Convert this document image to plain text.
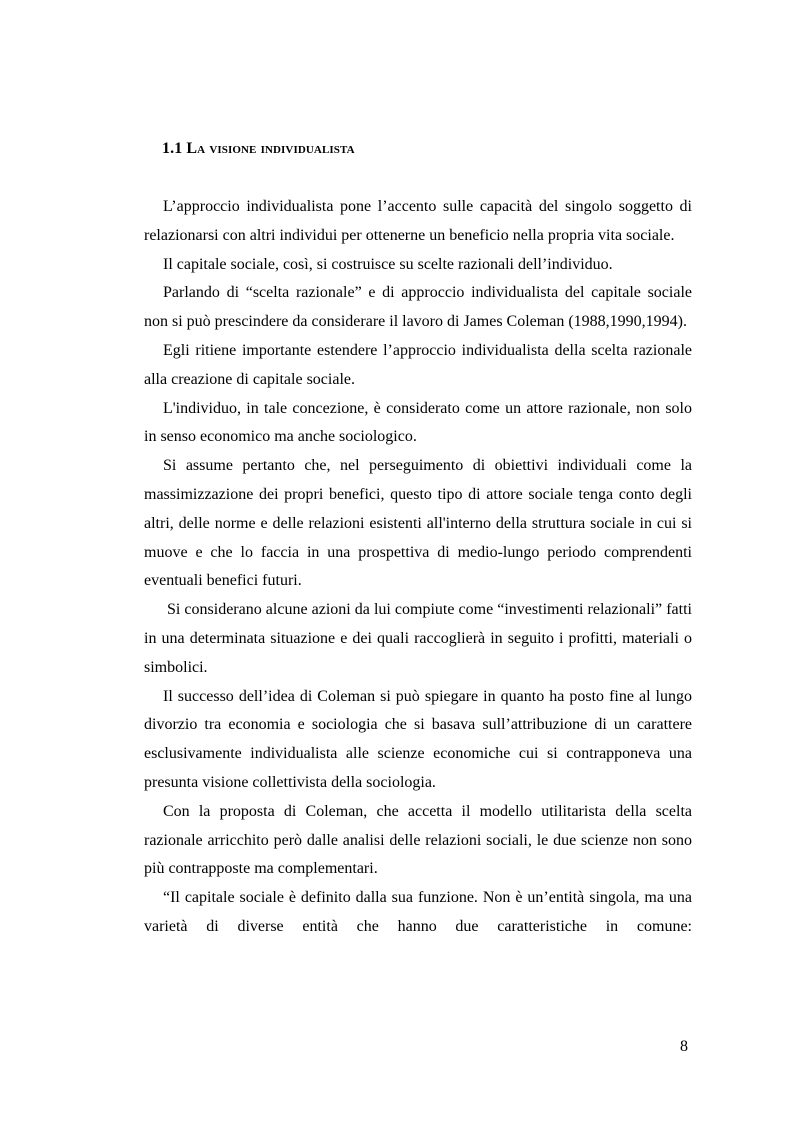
1.1 La visione individualista

L’approccio individualista pone l’accento sulle capacità del singolo soggetto di relazionarsi con altri individui per ottenerne un beneficio nella propria vita sociale.

Il capitale sociale, così, si costruisce su scelte razionali dell’individuo.

Parlando di “scelta razionale” e di approccio individualista del capitale sociale non si può prescindere da considerare il lavoro di James Coleman (1988,1990,1994).

Egli ritiene importante estendere l’approccio individualista della scelta razionale alla creazione di capitale sociale.

L'individuo, in tale concezione, è considerato come un attore razionale, non solo in senso economico ma anche sociologico.

Si assume pertanto che, nel perseguimento di obiettivi individuali come la massimizzazione dei propri benefici, questo tipo di attore sociale tenga conto degli altri, delle norme e delle relazioni esistenti all'interno della struttura sociale in cui si muove e che lo faccia in una prospettiva di medio-lungo periodo comprendenti eventuali benefici futuri.

Si considerano alcune azioni da lui compiute come “investimenti relazionali” fatti in una determinata situazione e dei quali raccoglierà in seguito i profitti, materiali o simbolici.

Il successo dell’idea di Coleman si può spiegare in quanto ha posto fine al lungo divorzio tra economia e sociologia che si basava sull’attribuzione di un carattere esclusivamente individualista alle scienze economiche cui si contrapponeva una presunta visione collettivista della sociologia.

Con la proposta di Coleman, che accetta il modello utilitarista della scelta razionale arricchito però dalle analisi delle relazioni sociali, le due scienze non sono più contrapposte ma complementari.

“Il capitale sociale è definito dalla sua funzione. Non è un’entità singola, ma una varietà di diverse entità che hanno due caratteristiche in comune:

8
